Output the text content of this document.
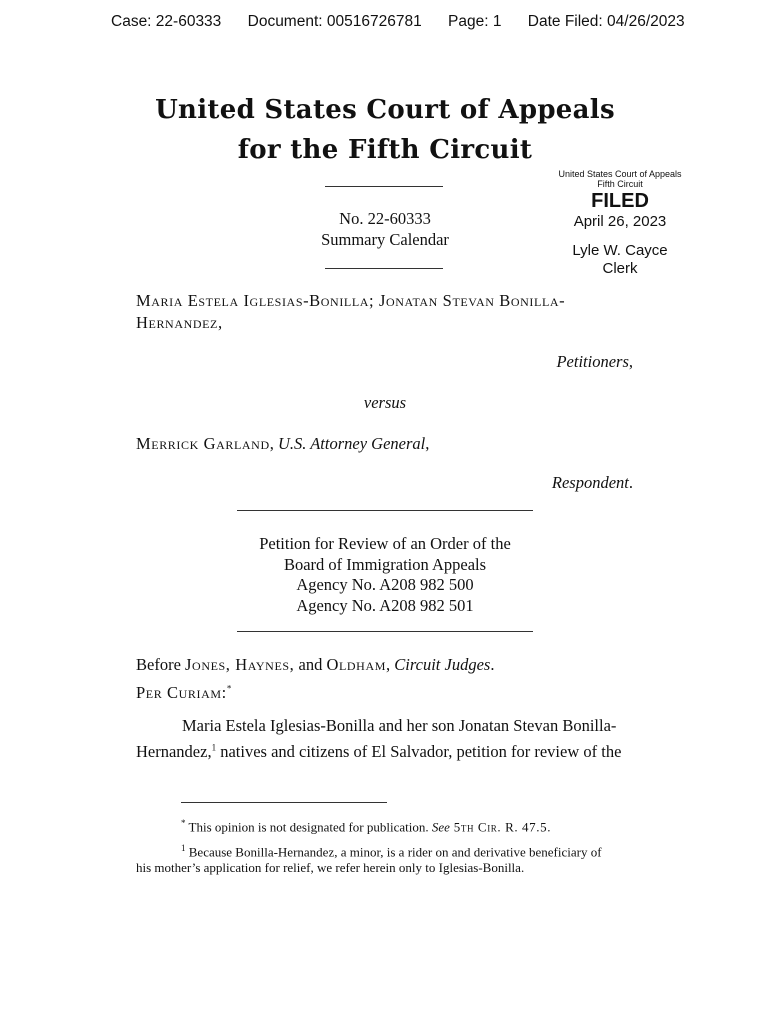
Case: 22-60333 Document: 00516726781 Page: 1 Date Filed: 04/26/2023
United States Court of Appeals
for the Fifth Circuit
No. 22-60333
Summary Calendar
United States Court of Appeals
Fifth Circuit
FILED
April 26, 2023
Lyle W. Cayce
Clerk
Maria Estela Iglesias-Bonilla; Jonatan Stevan Bonilla-
Hernandez,
Petitioners,
versus
Merrick Garland, U.S. Attorney General,
Respondent.
Petition for Review of an Order of the
Board of Immigration Appeals
Agency No. A208 982 500
Agency No. A208 982 501
Before Jones, Haynes, and Oldham, Circuit Judges.
Per Curiam:*
Maria Estela Iglesias-Bonilla and her son Jonatan Stevan Bonilla-
Hernandez,$^1$ natives and citizens of El Salvador, petition for review of the
* This opinion is not designated for publication. See 5th Cir. R. 47.5.
$^1$ Because Bonilla-Hernandez, a minor, is a rider on and derivative beneficiary of
his mother’s application for relief, we refer herein only to Iglesias-Bonilla.
